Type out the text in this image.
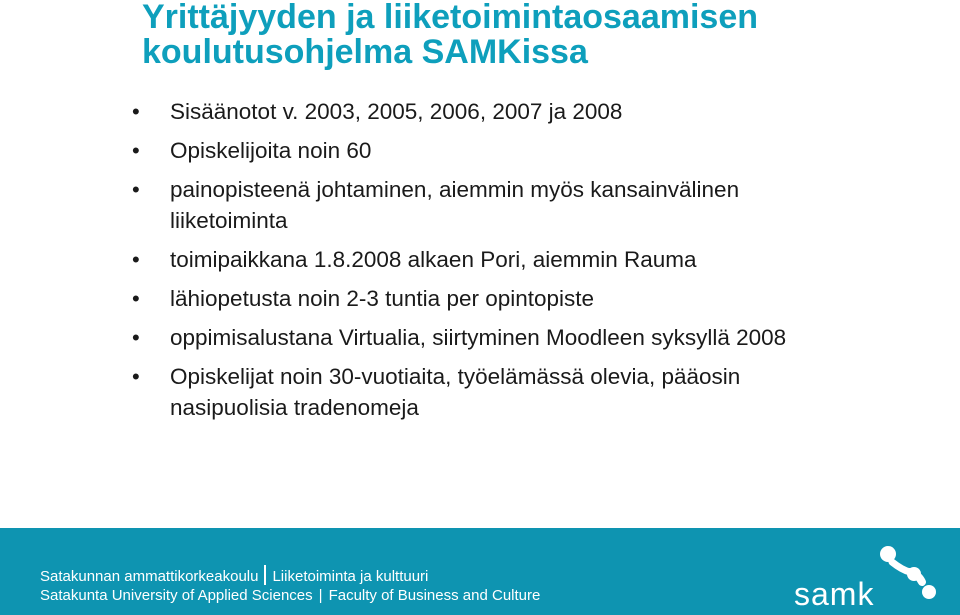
Yrittäjyyden ja liiketoimintaosaamisen
koulutusohjelma SAMKissa
• Sisäänotot v. 2003, 2005, 2006, 2007 ja 2008
• Opiskelijoita noin 60
• painopisteenä johtaminen, aiemmin myös kansainvälinen liiketoiminta
• toimipaikkana 1.8.2008 alkaen Pori, aiemmin Rauma
• lähiopetusta noin 2-3 tuntia per opintopiste
• oppimisalustana Virtualia, siirtyminen Moodleen syksyllä 2008
• Opiskelijat noin 30-vuotiaita, työelämässä olevia, pääosin nasipuolisia tradenomeja
Satakunnan ammattikorkeakoulu Liiketoiminta ja kulttuuri
Satakunta University of Applied Sciences | Faculty of Business and Culture	samk
